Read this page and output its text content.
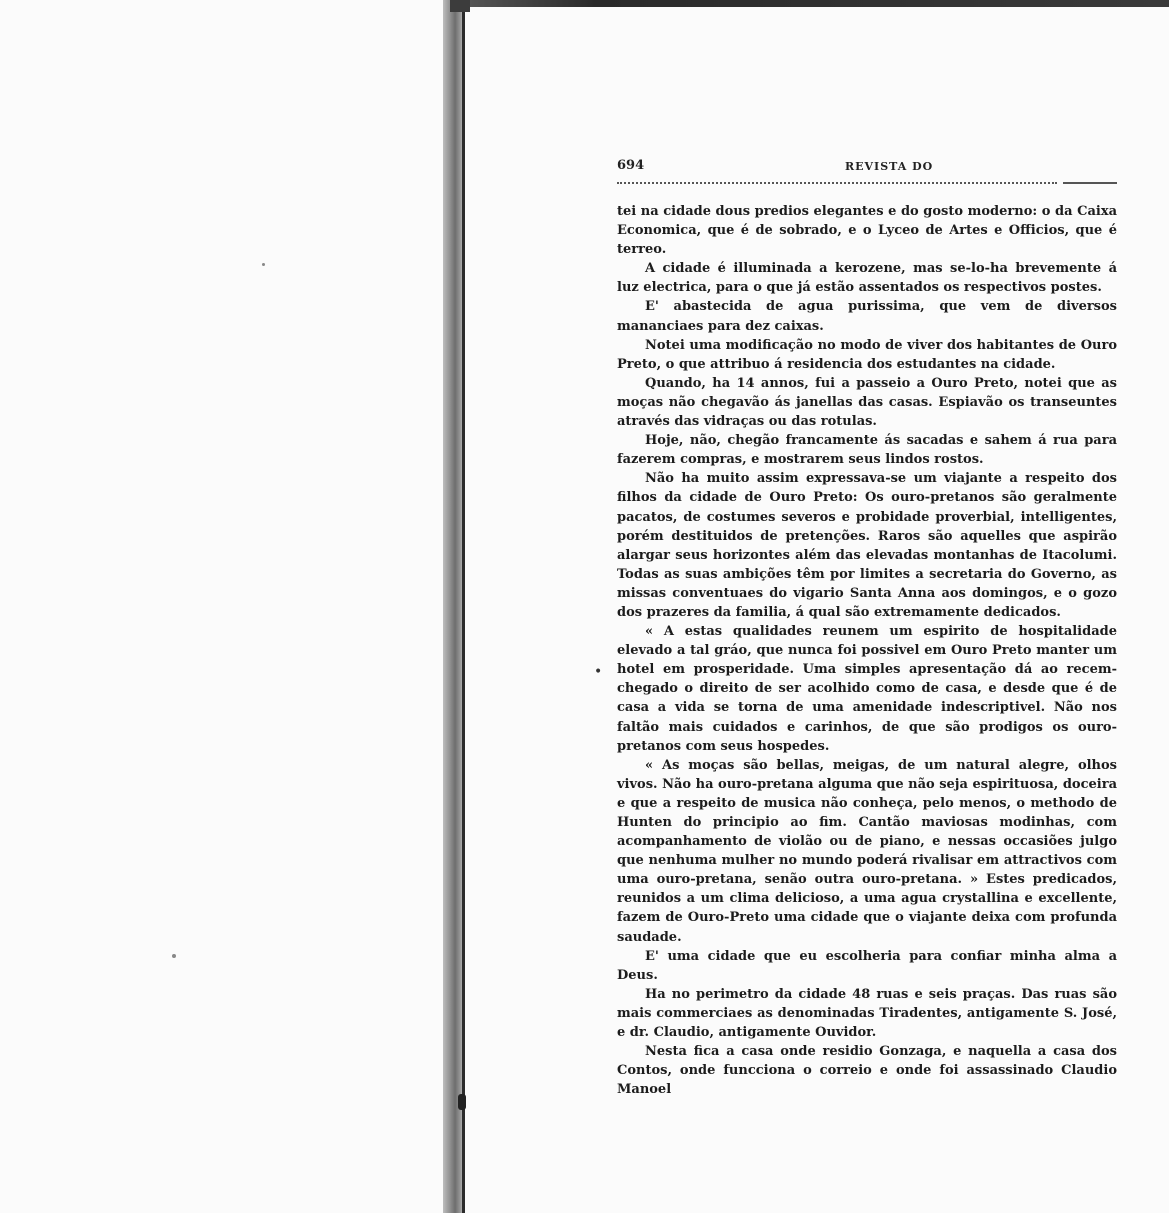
694	REVISTA DO
•

tei na cidade dous predios elegantes e do gosto moderno: o da Caixa Economica, que é de sobrado, e o Lyceo de Artes e Officios, que é terreo.

A cidade é illuminada a kerozene, mas se-lo-ha brevemente á luz electrica, para o que já estão assentados os respectivos postes.

E' abastecida de agua purissima, que vem de diversos mananciaes para dez caixas.

Notei uma modificação no modo de viver dos habitantes de Ouro Preto, o que attribuo á residencia dos estudantes na cidade.

Quando, ha 14 annos, fui a passeio a Ouro Preto, notei que as moças não chegavão ás janellas das casas. Espiavão os transeuntes através das vidraças ou das rotulas.

Hoje, não, chegão francamente ás sacadas e sahem á rua para fazerem compras, e mostrarem seus lindos rostos.

Não ha muito assim expressava-se um viajante a respeito dos filhos da cidade de Ouro Preto: Os ouro-pretanos são geralmente pacatos, de costumes severos e probidade proverbial, intelligentes, porém destituidos de pretenções. Raros são aquelles que aspirão alargar seus horizontes além das elevadas montanhas de Itacolumi. Todas as suas ambições têm por limites a secretaria do Governo, as missas conventuaes do vigario Santa Anna aos domingos, e o gozo dos prazeres da familia, á qual são extremamente dedicados.

« A estas qualidades reunem um espirito de hospitalidade elevado a tal gráo, que nunca foi possivel em Ouro Preto manter um hotel em prosperidade. Uma simples apresentação dá ao recem-chegado o direito de ser acolhido como de casa, e desde que é de casa a vida se torna de uma amenidade indescriptivel. Não nos faltão mais cuidados e carinhos, de que são prodigos os ouro-pretanos com seus hospedes.

« As moças são bellas, meigas, de um natural alegre, olhos vivos. Não ha ouro-pretana alguma que não seja espirituosa, doceira e que a respeito de musica não conheça, pelo menos, o methodo de Hunten do principio ao fim. Cantão maviosas modinhas, com acompanhamento de violão ou de piano, e nessas occasiões julgo que nenhuma mulher no mundo poderá rivalisar em attractivos com uma ouro-pretana, senão outra ouro-pretana. » Estes predicados, reunidos a um clima delicioso, a uma agua crystallina e excellente, fazem de Ouro-Preto uma cidade que o viajante deixa com profunda saudade.

E' uma cidade que eu escolheria para confiar minha alma a Deus.

Ha no perimetro da cidade 48 ruas e seis praças. Das ruas são mais commerciaes as denominadas Tiradentes, antigamente S. José, e dr. Claudio, antigamente Ouvidor.

Nesta fica a casa onde residio Gonzaga, e naquella a casa dos Contos, onde funcciona o correio e onde foi assassinado Claudio Manoel
